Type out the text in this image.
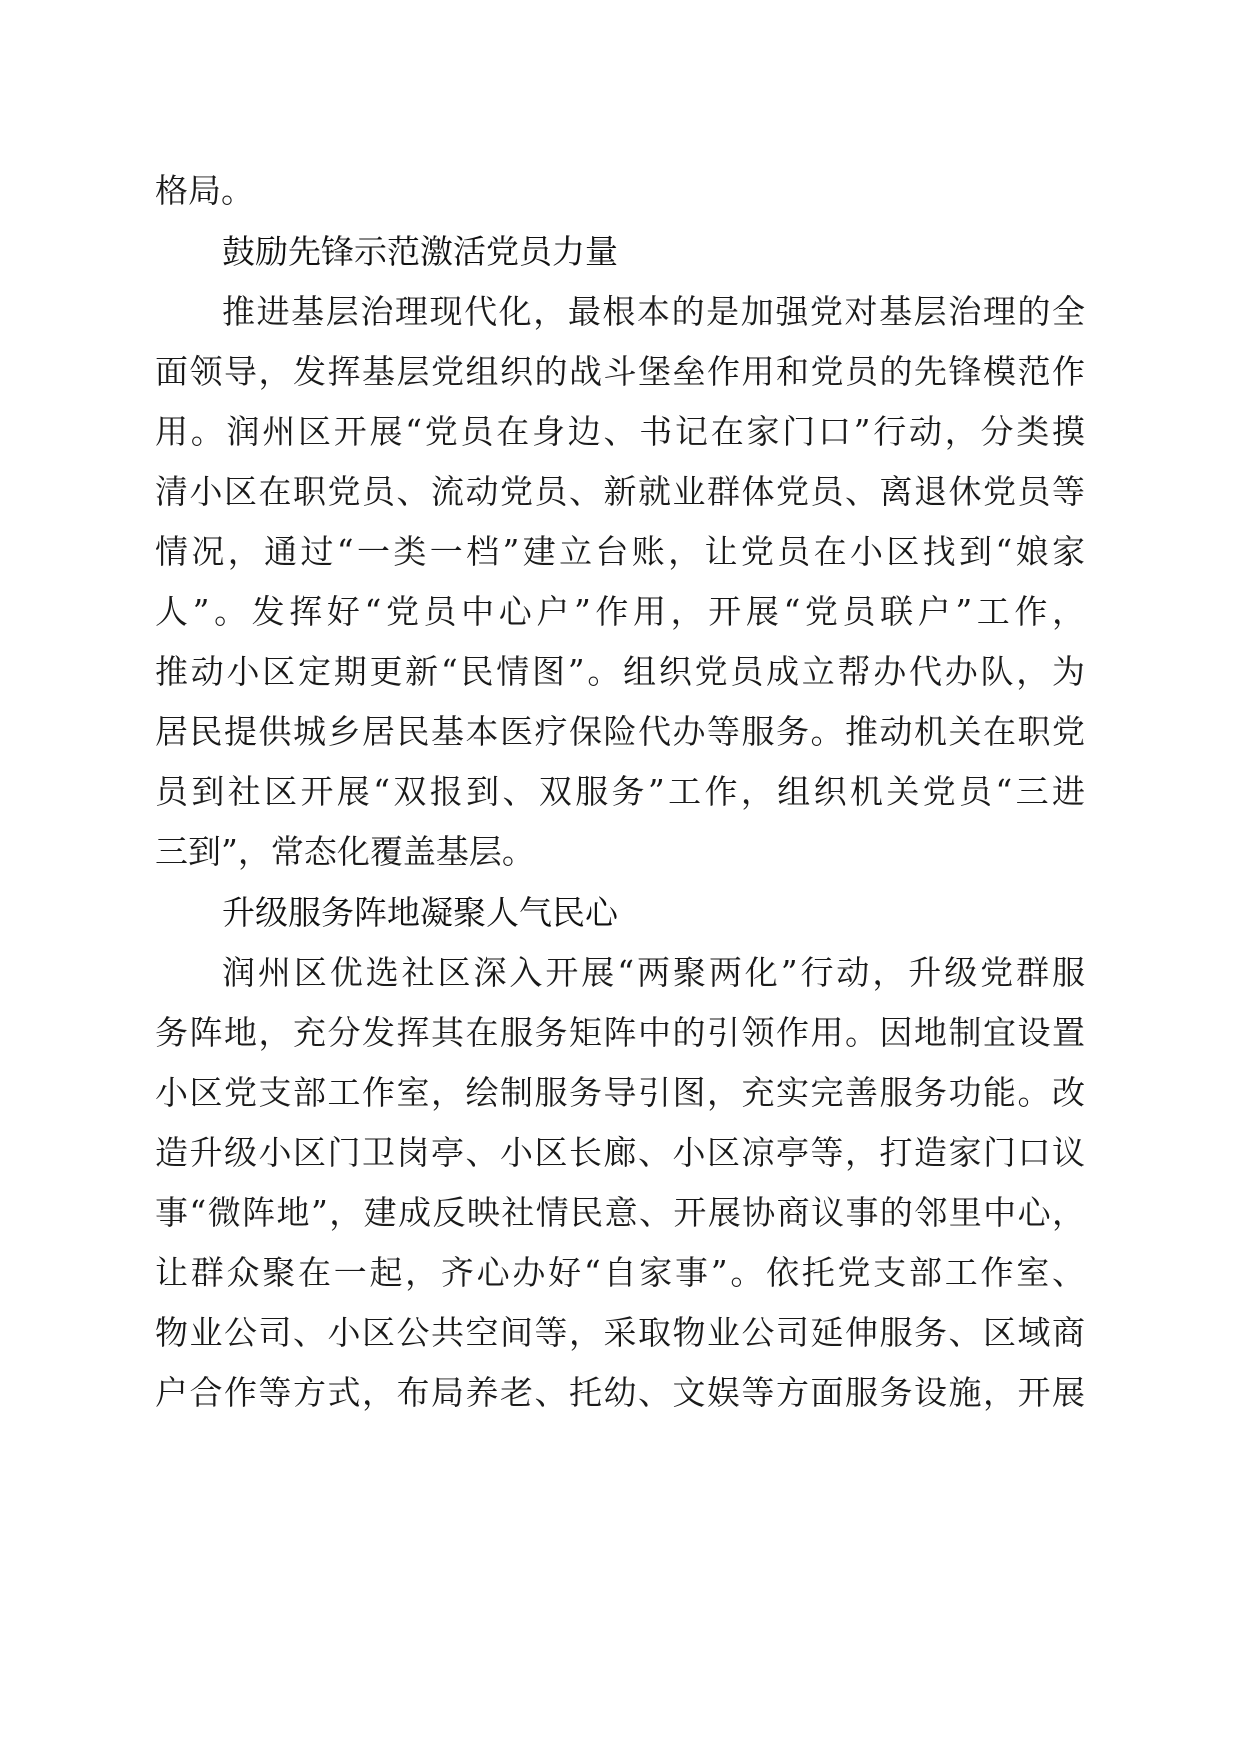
格局。
鼓励先锋示范激活党员力量
推进基层治理现代化，最根本的是加强党对基层治理的全
面领导，发挥基层党组织的战斗堡垒作用和党员的先锋模范作
用。润州区开展“党员在身边、书记在家门口”行动，分类摸
清小区在职党员、流动党员、新就业群体党员、离退休党员等
情况，通过“一类一档”建立台账，让党员在小区找到“娘家
人”。发挥好“党员中心户”作用，开展“党员联户”工作，
推动小区定期更新“民情图”。组织党员成立帮办代办队，为
居民提供城乡居民基本医疗保险代办等服务。推动机关在职党
员到社区开展“双报到、双服务”工作，组织机关党员“三进
三到”，常态化覆盖基层。
升级服务阵地凝聚人气民心
润州区优选社区深入开展“两聚两化”行动，升级党群服
务阵地，充分发挥其在服务矩阵中的引领作用。因地制宜设置
小区党支部工作室，绘制服务导引图，充实完善服务功能。改
造升级小区门卫岗亭、小区长廊、小区凉亭等，打造家门口议
事“微阵地”，建成反映社情民意、开展协商议事的邻里中心，
让群众聚在一起，齐心办好“自家事”。依托党支部工作室、
物业公司、小区公共空间等，采取物业公司延伸服务、区域商
户合作等方式，布局养老、托幼、文娱等方面服务设施，开展
